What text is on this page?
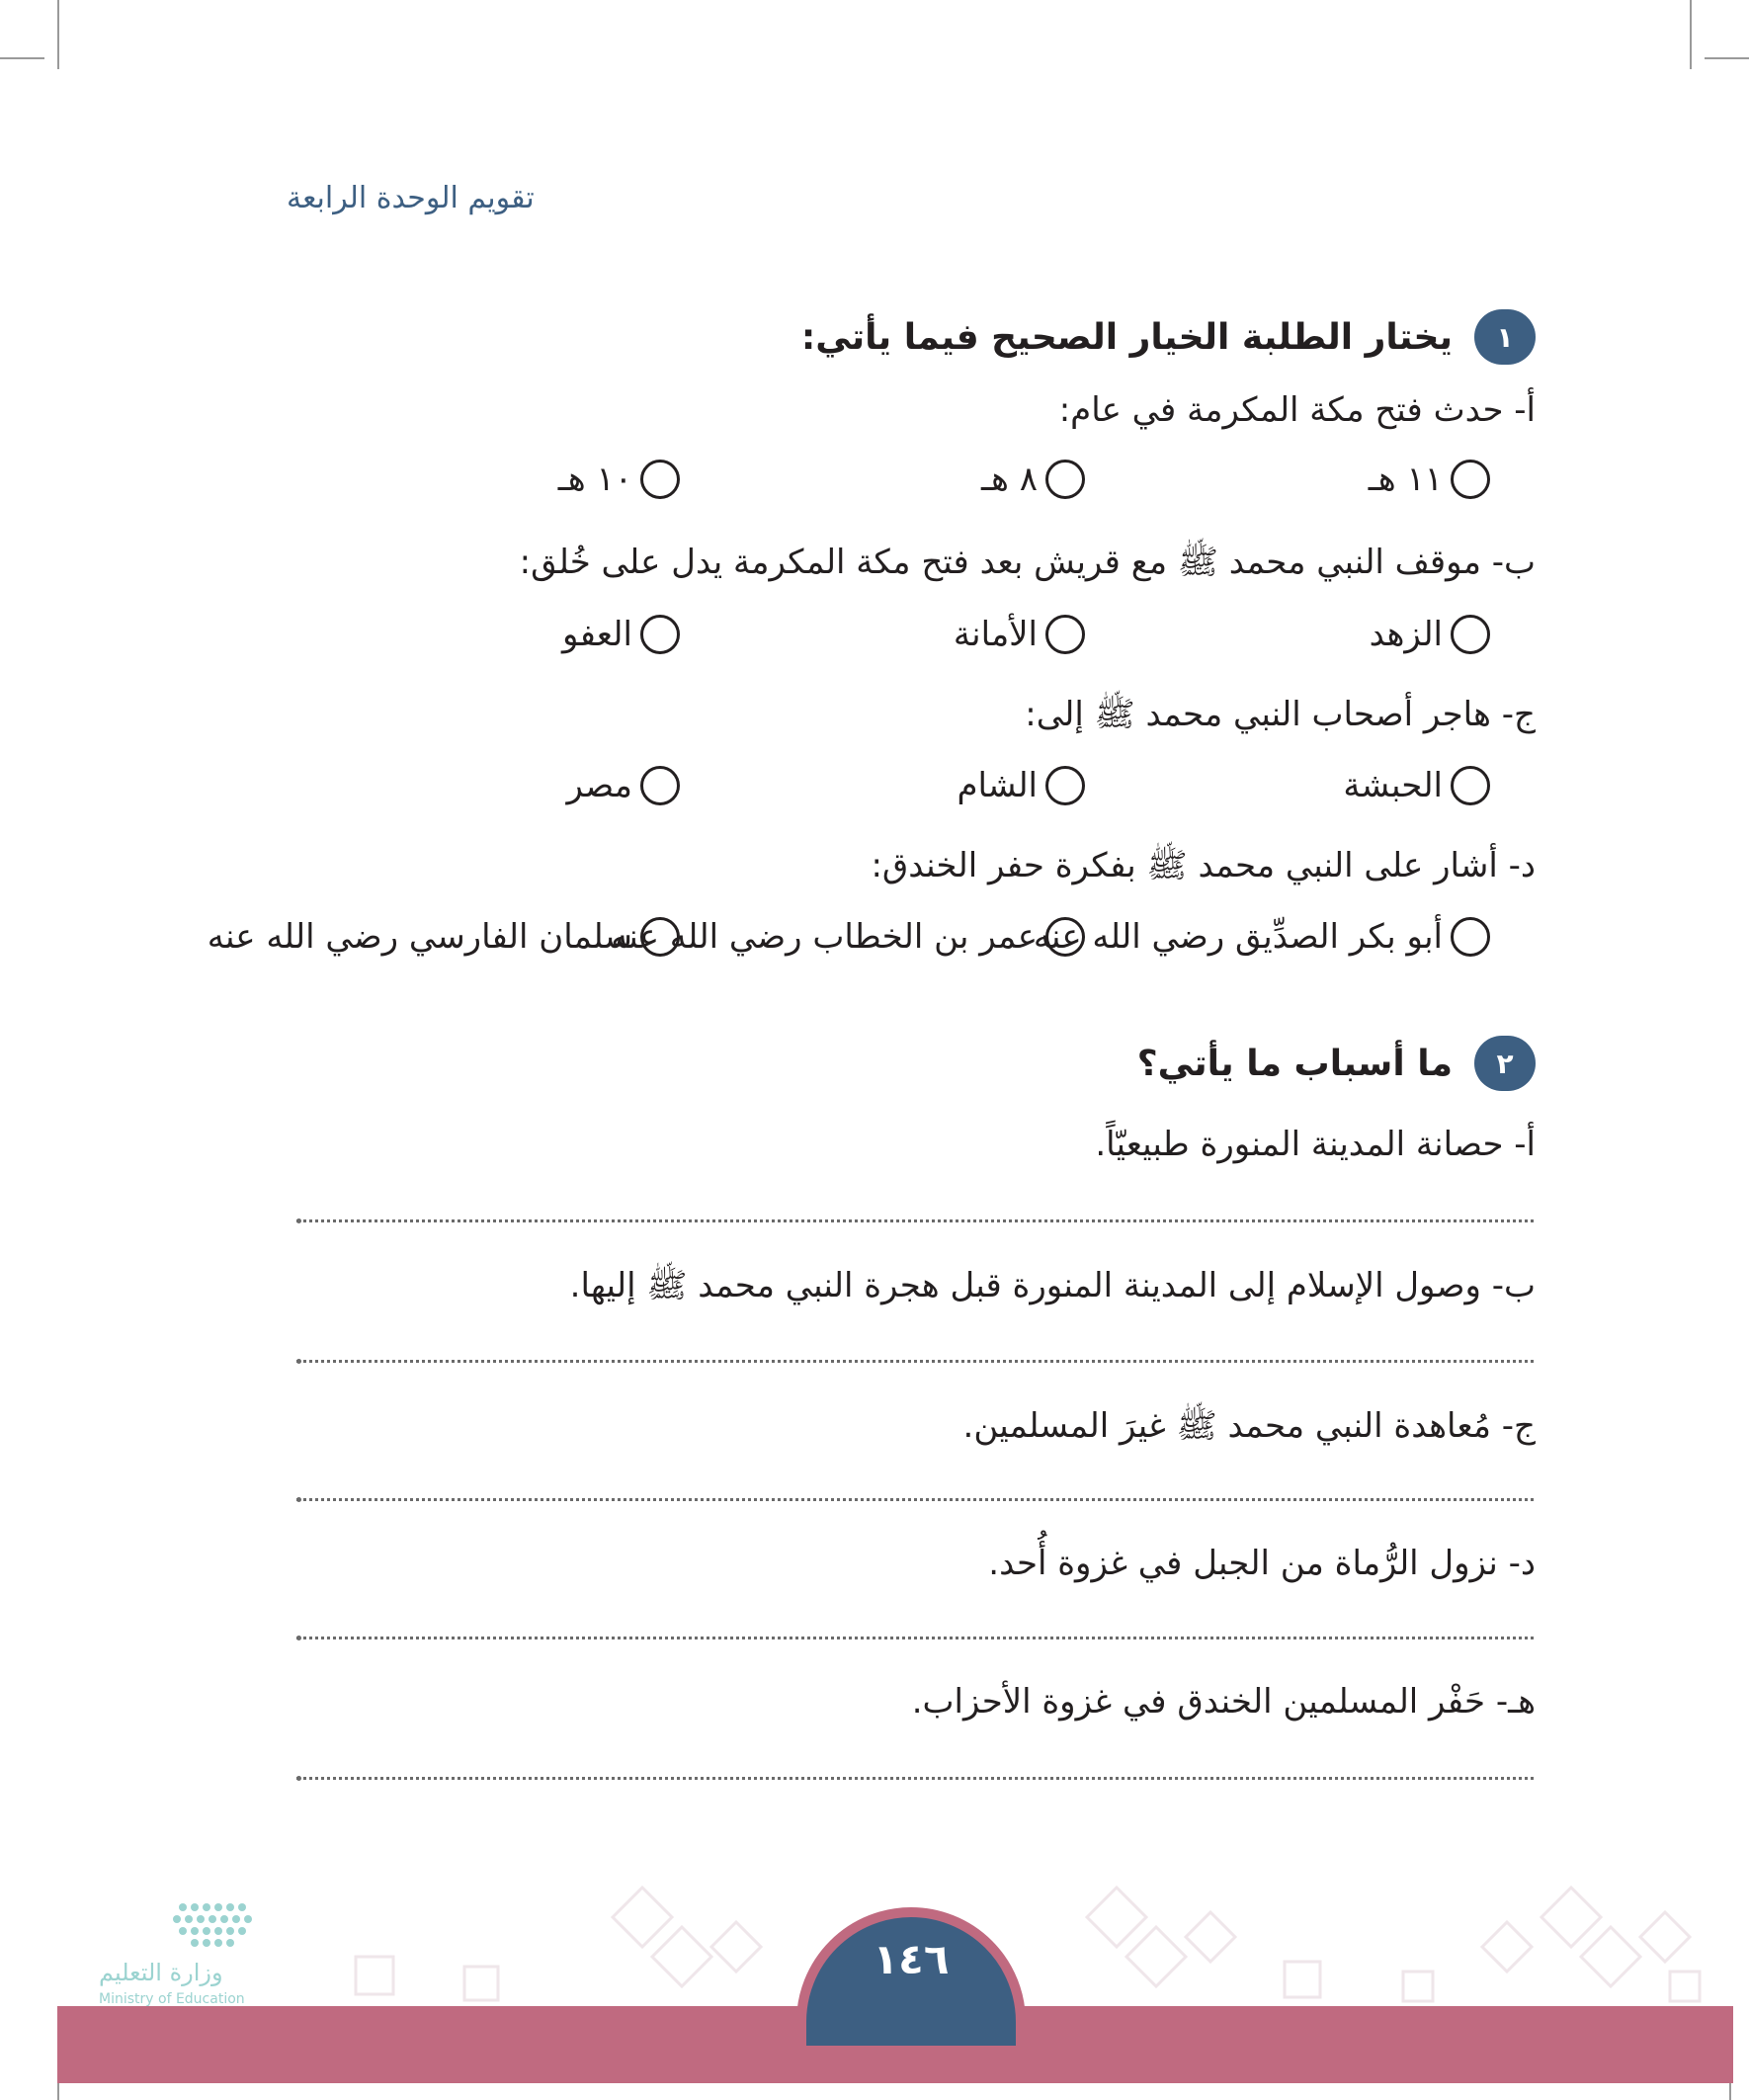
تقويم الوحدة الرابعة
١
يختار الطلبة الخيار الصحيح فيما يأتي:
أ- حدث فتح مكة المكرمة في عام:
١١ هـ
٨ هـ
١٠ هـ
ب- موقف النبي محمد ﷺ مع قريش بعد فتح مكة المكرمة يدل على خُلق:
الزهد
الأمانة
العفو
ج- هاجر أصحاب النبي محمد ﷺ إلى:
الحبشة
الشام
مصر
د- أشار على النبي محمد ﷺ بفكرة حفر الخندق:
أبو بكر الصدِّيق رضي الله عنه
عمر بن الخطاب رضي الله عنه
سلمان الفارسي رضي الله عنه
٢
ما أسباب ما يأتي؟
أ- حصانة المدينة المنورة طبيعيّاً.
ب- وصول الإسلام إلى المدينة المنورة قبل هجرة النبي محمد ﷺ إليها.
ج- مُعاهدة النبي محمد ﷺ غيرَ المسلمين.
د- نزول الرُّماة من الجبل في غزوة أُحد.
هـ- حَفْر المسلمين الخندق في غزوة الأحزاب.
١٤٦
وزارة التعليم
Ministry of Education
